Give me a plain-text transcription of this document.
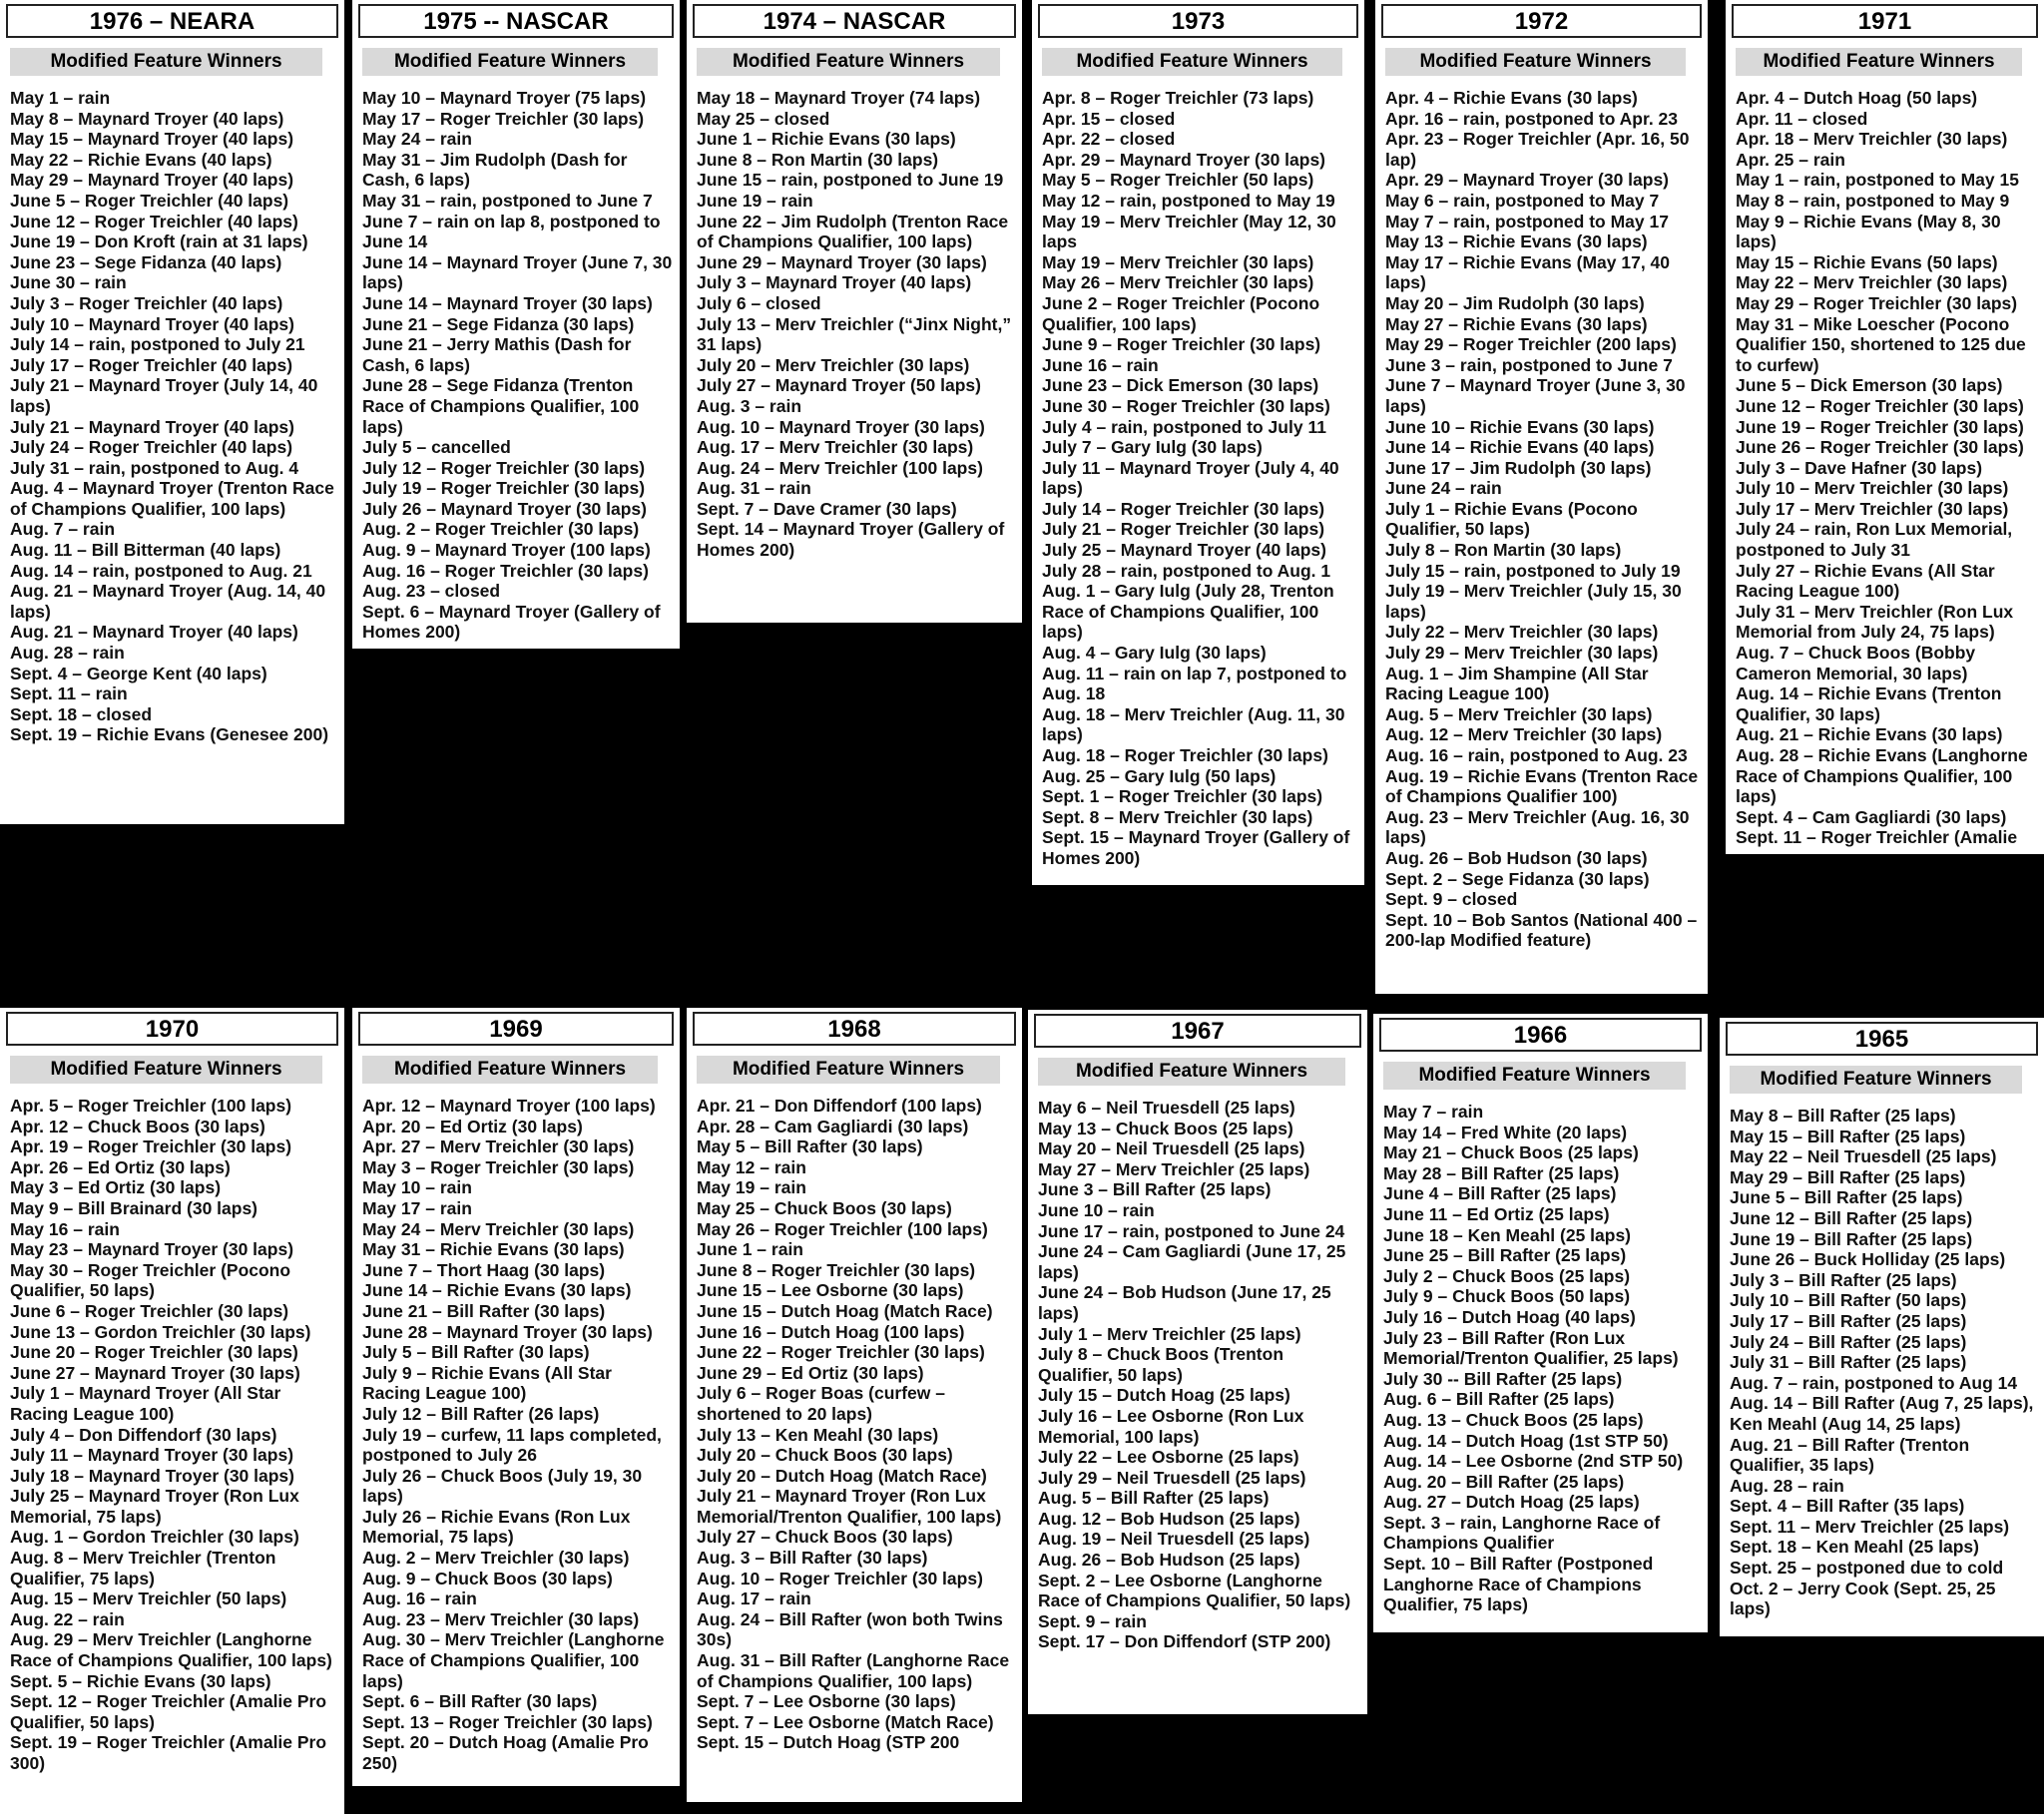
1976 – NEARA
Modified Feature Winners
May 1 – rain
May 8 – Maynard Troyer (40 laps)
May 15 – Maynard Troyer (40 laps)
May 22 – Richie Evans (40 laps)
May 29 – Maynard Troyer (40 laps)
June 5 – Roger Treichler (40 laps)
June 12 – Roger Treichler (40 laps)
June 19 – Don Kroft (rain at 31 laps)
June 23 – Sege Fidanza (40 laps)
June 30 – rain
July 3 – Roger Treichler (40 laps)
July 10 – Maynard Troyer (40 laps)
July 14 – rain, postponed to July 21
July 17 – Roger Treichler (40 laps)
July 21 – Maynard Troyer (July 14, 40 laps)
July 21 – Maynard Troyer (40 laps)
July 24 – Roger Treichler (40 laps)
July 31 – rain, postponed to Aug. 4
Aug. 4 – Maynard Troyer (Trenton Race of Champions Qualifier, 100 laps)
Aug. 7 – rain
Aug. 11 – Bill Bitterman (40 laps)
Aug. 14 – rain, postponed to Aug. 21
Aug. 21 – Maynard Troyer (Aug. 14, 40 laps)
Aug. 21 – Maynard Troyer (40 laps)
Aug. 28 – rain
Sept. 4 – George Kent (40 laps)
Sept. 11 – rain
Sept. 18 – closed
Sept. 19 – Richie Evans (Genesee 200)
1975 -- NASCAR
Modified Feature Winners
May 10 – Maynard Troyer (75 laps)
May 17 – Roger Treichler (30 laps)
May 24 – rain
May 31 – Jim Rudolph (Dash for Cash, 6 laps)
May 31 – rain, postponed to June 7
June 7 – rain on lap 8, postponed to June 14
June 14 – Maynard Troyer (June 7, 30 laps)
June 14 – Maynard Troyer (30 laps)
June 21 – Sege Fidanza (30 laps)
June 21 – Jerry Mathis (Dash for Cash, 6 laps)
June 28 – Sege Fidanza (Trenton Race of Champions Qualifier, 100 laps)
July 5 – cancelled
July 12 – Roger Treichler (30 laps)
July 19 – Roger Treichler (30 laps)
July 26 – Maynard Troyer (30 laps)
Aug. 2 – Roger Treichler (30 laps)
Aug. 9 – Maynard Troyer (100 laps)
Aug. 16 – Roger Treichler (30 laps)
Aug. 23 – closed
Sept. 6 – Maynard Troyer (Gallery of Homes 200)
1974 – NASCAR
Modified Feature Winners
May 18 – Maynard Troyer (74 laps)
May 25 – closed
June 1 – Richie Evans (30 laps)
June 8 – Ron Martin (30 laps)
June 15 – rain, postponed to June 19
June 19 – rain
June 22 – Jim Rudolph (Trenton Race of Champions Qualifier, 100 laps)
June 29 – Maynard Troyer (30 laps)
July 3 – Maynard Troyer (40 laps)
July 6 – closed
July 13 – Merv Treichler (“Jinx Night,” 31 laps)
July 20 – Merv Treichler (30 laps)
July 27 – Maynard Troyer (50 laps)
Aug. 3 – rain
Aug. 10 – Maynard Troyer (30 laps)
Aug. 17 – Merv Treichler (30 laps)
Aug. 24 – Merv Treichler (100 laps)
Aug. 31 – rain
Sept. 7 – Dave Cramer (30 laps)
Sept. 14 – Maynard Troyer (Gallery of Homes 200)
1973
Modified Feature Winners
Apr. 8 – Roger Treichler (73 laps)
Apr. 15 – closed
Apr. 22 – closed
Apr. 29 – Maynard Troyer (30 laps)
May 5 – Roger Treichler (50 laps)
May 12 – rain, postponed to May 19
May 19 – Merv Treichler (May 12, 30 laps
May 19 – Merv Treichler (30 laps)
May 26 – Merv Treichler (30 laps)
June 2 – Roger Treichler (Pocono Qualifier, 100 laps)
June 9 – Roger Treichler (30 laps)
June 16 – rain
June 23 – Dick Emerson (30 laps)
June 30 – Roger Treichler (30 laps)
July 4 – rain, postponed to July 11
July 7 – Gary Iulg (30 laps)
July 11 – Maynard Troyer (July 4, 40 laps)
July 14 – Roger Treichler (30 laps)
July 21 – Roger Treichler (30 laps)
July 25 – Maynard Troyer (40 laps)
July 28 – rain, postponed to Aug. 1
Aug. 1 – Gary Iulg (July 28, Trenton Race of Champions Qualifier, 100 laps)
Aug. 4 – Gary Iulg (30 laps)
Aug. 11 – rain on lap 7, postponed to Aug. 18
Aug. 18 – Merv Treichler (Aug. 11, 30 laps)
Aug. 18 – Roger Treichler (30 laps)
Aug. 25 – Gary Iulg (50 laps)
Sept. 1 – Roger Treichler (30 laps)
Sept. 8 – Merv Treichler (30 laps)
Sept. 15 – Maynard Troyer (Gallery of Homes 200)
1972
Modified Feature Winners
Apr. 4 – Richie Evans (30 laps)
Apr. 16 – rain, postponed to Apr. 23
Apr. 23 – Roger Treichler (Apr. 16, 50 lap)
Apr. 29 – Maynard Troyer (30 laps)
May 6 – rain, postponed to May 7
May 7 – rain, postponed to May 17
May 13 – Richie Evans (30 laps)
May 17 – Richie Evans (May 17, 40 laps)
May 20 – Jim Rudolph (30 laps)
May 27 – Richie Evans (30 laps)
May 29 – Roger Treichler (200 laps)
June 3 – rain, postponed to June 7
June 7 – Maynard Troyer (June 3, 30 laps)
June 10 – Richie Evans (30 laps)
June 14 – Richie Evans (40 laps)
June 17 – Jim Rudolph (30 laps)
June 24 – rain
July 1 – Richie Evans (Pocono Qualifier, 50 laps)
July 8 – Ron Martin (30 laps)
July 15 – rain, postponed to July 19
July 19 – Merv Treichler (July 15, 30 laps)
July 22 – Merv Treichler (30 laps)
July 29 – Merv Treichler (30 laps)
Aug. 1 – Jim Shampine (All Star Racing League 100)
Aug. 5 – Merv Treichler (30 laps)
Aug. 12 – Merv Treichler (30 laps)
Aug. 16 – rain, postponed to Aug. 23
Aug. 19 – Richie Evans (Trenton Race of Champions Qualifier 100)
Aug. 23 – Merv Treichler (Aug. 16, 30 laps)
Aug. 26 – Bob Hudson (30 laps)
Sept. 2 – Sege Fidanza (30 laps)
Sept. 9 – closed
Sept. 10 – Bob Santos (National 400 – 200-lap Modified feature)
1971
Modified Feature Winners
Apr. 4 – Dutch Hoag (50 laps)
Apr. 11 – closed
Apr. 18 – Merv Treichler (30 laps)
Apr. 25 – rain
May 1 – rain, postponed to May 15
May 8 – rain, postponed to May 9
May 9 – Richie Evans (May 8, 30 laps)
May 15 – Richie Evans (50 laps)
May 22 – Merv Treichler (30 laps)
May 29 – Roger Treichler (30 laps)
May 31 – Mike Loescher (Pocono Qualifier 150, shortened to 125 due to curfew)
June 5 – Dick Emerson (30 laps)
June 12 – Roger Treichler (30 laps)
June 19 – Roger Treichler (30 laps)
June 26 – Roger Treichler (30 laps)
July 3 – Dave Hafner (30 laps)
July 10 – Merv Treichler (30 laps)
July 17 – Merv Treichler (30 laps)
July 24 – rain, Ron Lux Memorial, postponed to July 31
July 27 – Richie Evans (All Star Racing League 100)
July 31 – Merv Treichler (Ron Lux Memorial from July 24, 75 laps)
Aug. 7 – Chuck Boos (Bobby Cameron Memorial, 30 laps)
Aug. 14 – Richie Evans (Trenton Qualifier, 30 laps)
Aug. 21 – Richie Evans (30 laps)
Aug. 28 – Richie Evans (Langhorne Race of Champions Qualifier, 100 laps)
Sept. 4 – Cam Gagliardi (30 laps)
Sept. 11 – Roger Treichler (Amalie
1970
Modified Feature Winners
Apr. 5 – Roger Treichler (100 laps)
Apr. 12 – Chuck Boos (30 laps)
Apr. 19 – Roger Treichler (30 laps)
Apr. 26 – Ed Ortiz (30 laps)
May 3 – Ed Ortiz (30 laps)
May 9 – Bill Brainard (30 laps)
May 16 – rain
May 23 – Maynard Troyer (30 laps)
May 30 – Roger Treichler (Pocono Qualifier, 50 laps)
June 6 – Roger Treichler (30 laps)
June 13 – Gordon Treichler (30 laps)
June 20 – Roger Treichler (30 laps)
June 27 – Maynard Troyer (30 laps)
July 1 – Maynard Troyer (All Star Racing League 100)
July 4 – Don Diffendorf (30 laps)
July 11 – Maynard Troyer (30 laps)
July 18 – Maynard Troyer (30 laps)
July 25 – Maynard Troyer (Ron Lux Memorial, 75 laps)
Aug. 1 – Gordon Treichler (30 laps)
Aug. 8 – Merv Treichler (Trenton Qualifier, 75 laps)
Aug. 15 – Merv Treichler (50 laps)
Aug. 22 – rain
Aug. 29 – Merv Treichler (Langhorne Race of Champions Qualifier, 100 laps)
Sept. 5 – Richie Evans (30 laps)
Sept. 12 – Roger Treichler (Amalie Pro Qualifier, 50 laps)
Sept. 19 – Roger Treichler (Amalie Pro 300)
1969
Modified Feature Winners
Apr. 12 – Maynard Troyer (100 laps)
Apr. 20 – Ed Ortiz (30 laps)
Apr. 27 – Merv Treichler (30 laps)
May 3 – Roger Treichler (30 laps)
May 10 – rain
May 17 – rain
May 24 – Merv Treichler (30 laps)
May 31 – Richie Evans (30 laps)
June 7 – Thort Haag (30 laps)
June 14 – Richie Evans (30 laps)
June 21 – Bill Rafter (30 laps)
June 28 – Maynard Troyer (30 laps)
July 5 – Bill Rafter (30 laps)
July 9 – Richie Evans (All Star Racing League 100)
July 12 – Bill Rafter (26 laps)
July 19 – curfew, 11 laps completed, postponed to July 26
July 26 – Chuck Boos (July 19, 30 laps)
July 26 – Richie Evans (Ron Lux Memorial, 75 laps)
Aug. 2 – Merv Treichler (30 laps)
Aug. 9 – Chuck Boos (30 laps)
Aug. 16 – rain
Aug. 23 – Merv Treichler (30 laps)
Aug. 30 – Merv Treichler (Langhorne Race of Champions Qualifier, 100 laps)
Sept. 6 – Bill Rafter (30 laps)
Sept. 13 – Roger Treichler (30 laps)
Sept. 20 – Dutch Hoag (Amalie Pro 250)
1968
Modified Feature Winners
Apr. 21 – Don Diffendorf (100 laps)
Apr. 28 – Cam Gagliardi (30 laps)
May 5 – Bill Rafter (30 laps)
May 12 – rain
May 19 – rain
May 25 – Chuck Boos (30 laps)
May 26 – Roger Treichler (100 laps)
June 1 – rain
June 8 – Roger Treichler (30 laps)
June 15 – Lee Osborne (30 laps)
June 15 – Dutch Hoag (Match Race)
June 16 – Dutch Hoag (100 laps)
June 22 – Roger Treichler (30 laps)
June 29 – Ed Ortiz (30 laps)
July 6 – Roger Boas (curfew – shortened to 20 laps)
July 13 – Ken Meahl (30 laps)
July 20 – Chuck Boos (30 laps)
July 20 – Dutch Hoag (Match Race)
July 21 – Maynard Troyer (Ron Lux Memorial/Trenton Qualifier, 100 laps)
July 27 – Chuck Boos (30 laps)
Aug. 3 – Bill Rafter (30 laps)
Aug. 10 – Roger Treichler (30 laps)
Aug. 17 – rain
Aug. 24 – Bill Rafter (won both Twins 30s)
Aug. 31 – Bill Rafter (Langhorne Race of Champions Qualifier, 100 laps)
Sept. 7 – Lee Osborne (30 laps)
Sept. 7 – Lee Osborne (Match Race)
Sept. 15 – Dutch Hoag (STP 200
1967
Modified Feature Winners
May 6 – Neil Truesdell (25 laps)
May 13 – Chuck Boos (25 laps)
May 20 – Neil Truesdell (25 laps)
May 27 – Merv Treichler (25 laps)
June 3 – Bill Rafter (25 laps)
June 10 – rain
June 17 – rain, postponed to June 24
June 24 – Cam Gagliardi (June 17, 25 laps)
June 24 – Bob Hudson (June 17, 25 laps)
July 1 – Merv Treichler (25 laps)
July 8 – Chuck Boos (Trenton Qualifier, 50 laps)
July 15 – Dutch Hoag (25 laps)
July 16 – Lee Osborne (Ron Lux Memorial, 100 laps)
July 22 – Lee Osborne (25 laps)
July 29 – Neil Truesdell (25 laps)
Aug. 5 – Bill Rafter (25 laps)
Aug. 12 – Bob Hudson (25 laps)
Aug. 19 – Neil Truesdell (25 laps)
Aug. 26 – Bob Hudson (25 laps)
Sept. 2 – Lee Osborne (Langhorne Race of Champions Qualifier, 50 laps)
Sept. 9 – rain
Sept. 17 – Don Diffendorf (STP 200)
1966
Modified Feature Winners
May 7 – rain
May 14 – Fred White (20 laps)
May 21 – Chuck Boos (25 laps)
May 28 – Bill Rafter (25 laps)
June 4 – Bill Rafter (25 laps)
June 11 – Ed Ortiz (25 laps)
June 18 – Ken Meahl (25 laps)
June 25 – Bill Rafter (25 laps)
July 2 – Chuck Boos (25 laps)
July 9 – Chuck Boos (50 laps)
July 16 – Dutch Hoag (40 laps)
July 23 – Bill Rafter (Ron Lux Memorial/Trenton Qualifier, 25 laps)
July 30 -- Bill Rafter (25 laps)
Aug. 6 – Bill Rafter (25 laps)
Aug. 13 – Chuck Boos (25 laps)
Aug. 14 – Dutch Hoag (1st STP 50)
Aug. 14 – Lee Osborne (2nd STP 50)
Aug. 20 – Bill Rafter (25 laps)
Aug. 27 – Dutch Hoag (25 laps)
Sept. 3 – rain, Langhorne Race of Champions Qualifier
Sept. 10 – Bill Rafter (Postponed Langhorne Race of Champions Qualifier, 75 laps)
1965
Modified Feature Winners
May 8 – Bill Rafter (25 laps)
May 15 – Bill Rafter (25 laps)
May 22 – Neil Truesdell (25 laps)
May 29 – Bill Rafter (25 laps)
June 5 – Bill Rafter (25 laps)
June 12 – Bill Rafter (25 laps)
June 19 – Bill Rafter (25 laps)
June 26 – Buck Holliday (25 laps)
July 3 – Bill Rafter (25 laps)
July 10 – Bill Rafter (50 laps)
July 17 – Bill Rafter (25 laps)
July 24 – Bill Rafter (25 laps)
July 31 – Bill Rafter (25 laps)
Aug. 7 – rain, postponed to Aug 14
Aug. 14 – Bill Rafter (Aug 7, 25 laps), Ken Meahl (Aug 14, 25 laps)
Aug. 21 – Bill Rafter (Trenton Qualifier, 35 laps)
Aug. 28 – rain
Sept. 4 – Bill Rafter (35 laps)
Sept. 11 – Merv Treichler (25 laps)
Sept. 18 – Ken Meahl (25 laps)
Sept. 25 – postponed due to cold
Oct. 2 – Jerry Cook (Sept. 25, 25 laps)
